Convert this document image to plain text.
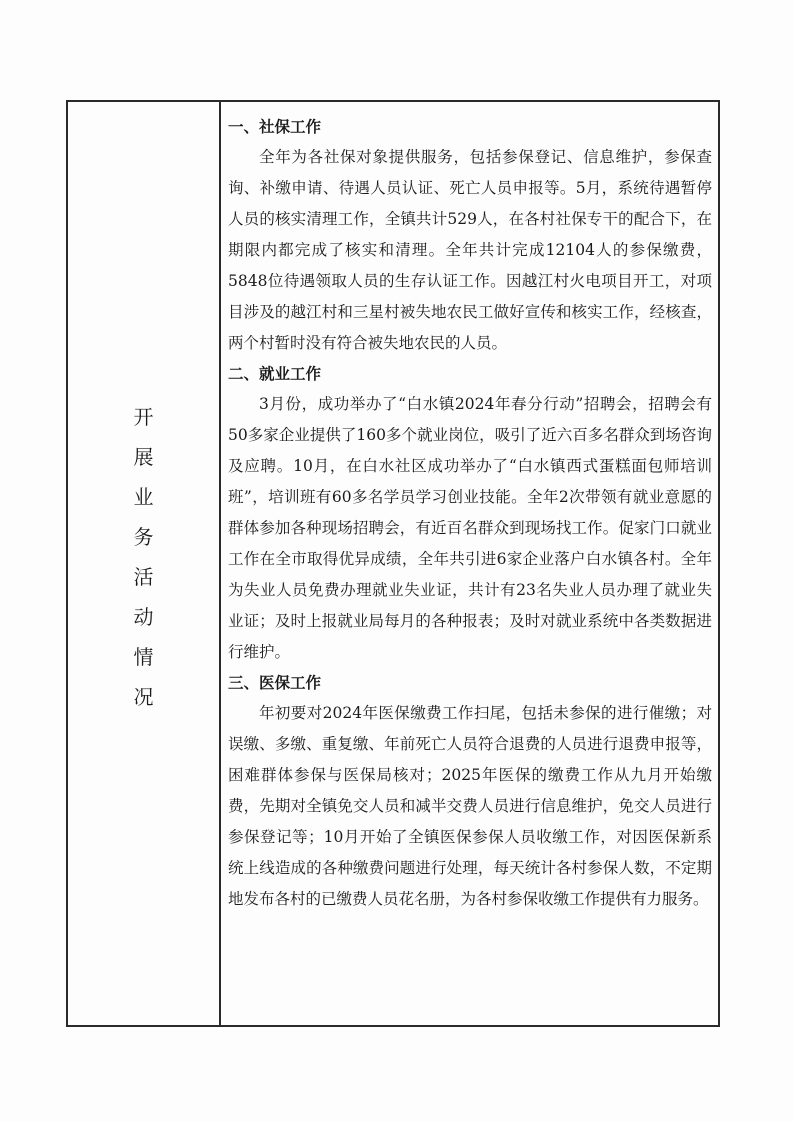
开
展
业
务
活
动
情
况
一、社保工作

全年为各社保对象提供服务，包括参保登记、信息维护，参保查询、补缴申请、待遇人员认证、死亡人员申报等。5月，系统待遇暂停人员的核实清理工作，全镇共计529人，在各村社保专干的配合下，在期限内都完成了核实和清理。全年共计完成12104人的参保缴费，5848位待遇领取人员的生存认证工作。因越江村火电项目开工，对项目涉及的越江村和三星村被失地农民工做好宣传和核实工作，经核查，两个村暂时没有符合被失地农民的人员。

二、就业工作

3月份，成功举办了“白水镇2024年春分行动”招聘会，招聘会有50多家企业提供了160多个就业岗位，吸引了近六百多名群众到场咨询及应聘。10月，在白水社区成功举办了“白水镇西式蛋糕面包师培训班”，培训班有60多名学员学习创业技能。全年2次带领有就业意愿的群体参加各种现场招聘会，有近百名群众到现场找工作。促家门口就业工作在全市取得优异成绩，全年共引进6家企业落户白水镇各村。全年为失业人员免费办理就业失业证，共计有23名失业人员办理了就业失业证；及时上报就业局每月的各种报表；及时对就业系统中各类数据进行维护。

三、医保工作

年初要对2024年医保缴费工作扫尾，包括未参保的进行催缴；对误缴、多缴、重复缴、年前死亡人员符合退费的人员进行退费申报等，困难群体参保与医保局核对；2025年医保的缴费工作从九月开始缴费，先期对全镇免交人员和减半交费人员进行信息维护，免交人员进行参保登记等；10月开始了全镇医保参保人员收缴工作，对因医保新系统上线造成的各种缴费问题进行处理，每天统计各村参保人数，不定期地发布各村的已缴费人员花名册，为各村参保收缴工作提供有力服务。
